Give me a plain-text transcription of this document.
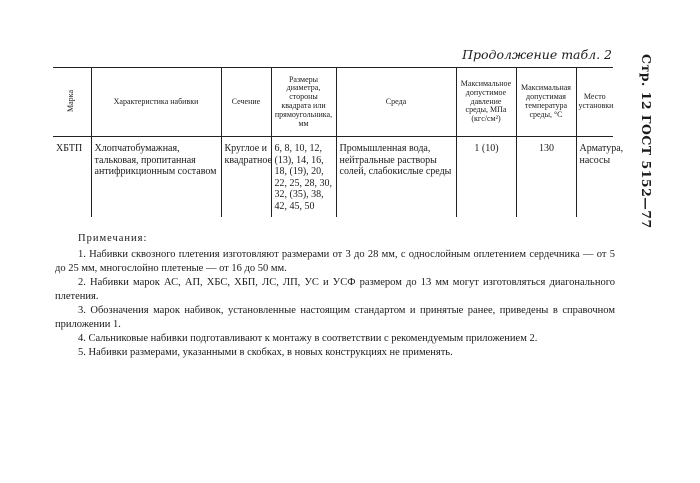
Стр. 12 ГОСТ 5152—77
Продолжение табл. 2
Марка	Характеристика набивки	Сечение	Размеры диаметра, стороны квадрата или прямоугольника, мм	Среда	Максимальное допустимое давление среды, МПа (кгс/см²)	Максимальная допустимая температура среды, °С	Место установки
ХБТП	Хлопчатобумажная, тальковая, пропитанная антифрикционным составом	Круглое и квадратное	6, 8, 10, 12, (13), 14, 16, 18, (19), 20, 22, 25, 28, 30, 32, (35), 38, 42, 45, 50	Промышленная вода, нейтральные растворы солей, слабокислые среды	1 (10)	130	Арматура, насосы
Примечания:

1. Набивки сквозного плетения изготовляют размерами от 3 до 28 мм, с однослойным оплетением сердечника — от 5 до 25 мм, многослойно плетеные — от 16 до 50 мм.

2. Набивки марок АС, АП, ХБС, ХБП, ЛС, ЛП, УС и УСФ размером до 13 мм могут изготовляться диагонального плетения.

3. Обозначения марок набивок, установленные настоящим стандартом и принятые ранее, приведены в справочном приложении 1.

4. Сальниковые набивки подготавливают к монтажу в соответствии с рекомендуемым приложением 2.

5. Набивки размерами, указанными в скобках, в новых конструкциях не применять.
